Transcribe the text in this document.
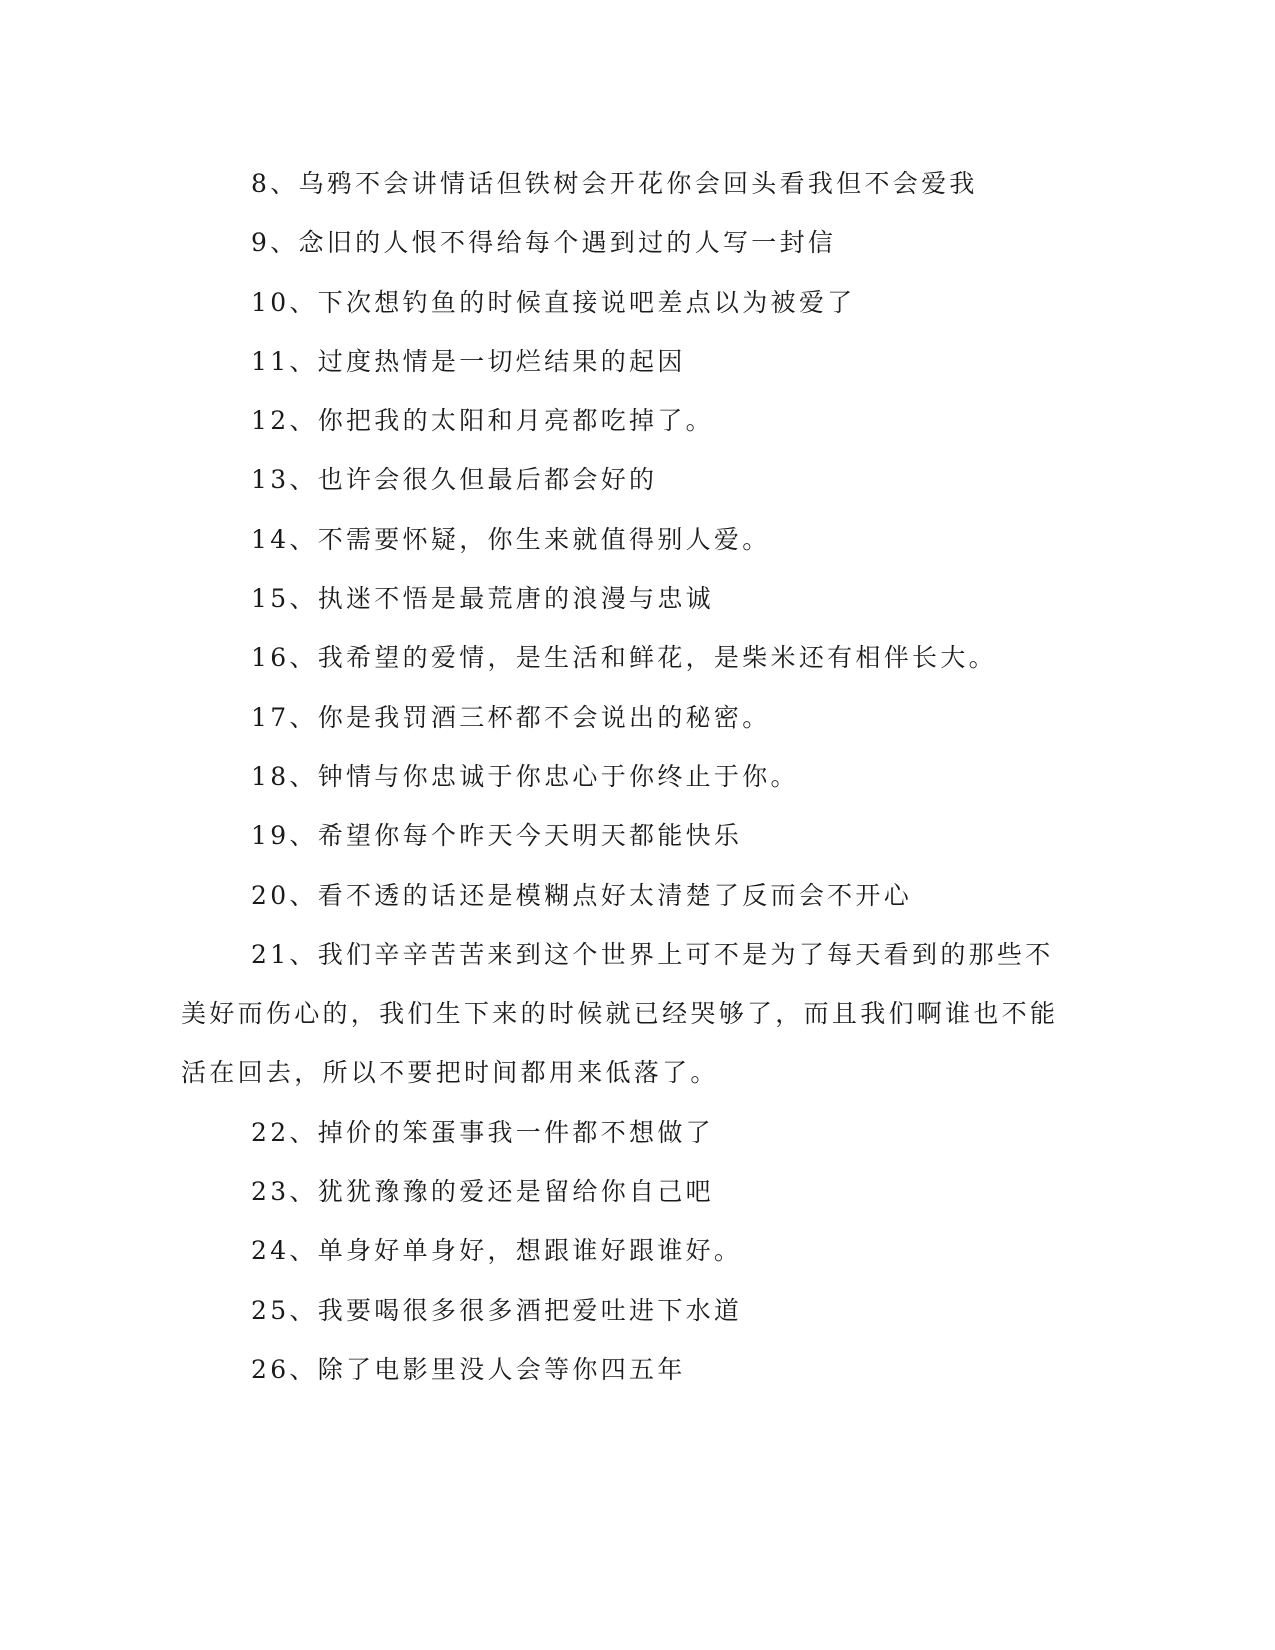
8、乌鸦不会讲情话但铁树会开花你会回头看我但不会爱我

9、念旧的人恨不得给每个遇到过的人写一封信

10、下次想钓鱼的时候直接说吧差点以为被爱了

11、过度热情是一切烂结果的起因

12、你把我的太阳和月亮都吃掉了。

13、也许会很久但最后都会好的

14、不需要怀疑，你生来就值得别人爱。

15、执迷不悟是最荒唐的浪漫与忠诚

16、我希望的爱情，是生活和鲜花，是柴米还有相伴长大。

17、你是我罚酒三杯都不会说出的秘密。

18、钟情与你忠诚于你忠心于你终止于你。

19、希望你每个昨天今天明天都能快乐

20、看不透的话还是模糊点好太清楚了反而会不开心

21、我们辛辛苦苦来到这个世界上可不是为了每天看到的那些不美好而伤心的，我们生下来的时候就已经哭够了，而且我们啊谁也不能活在回去，所以不要把时间都用来低落了。

22、掉价的笨蛋事我一件都不想做了

23、犹犹豫豫的爱还是留给你自己吧

24、单身好单身好，想跟谁好跟谁好。

25、我要喝很多很多酒把爱吐进下水道

26、除了电影里没人会等你四五年
